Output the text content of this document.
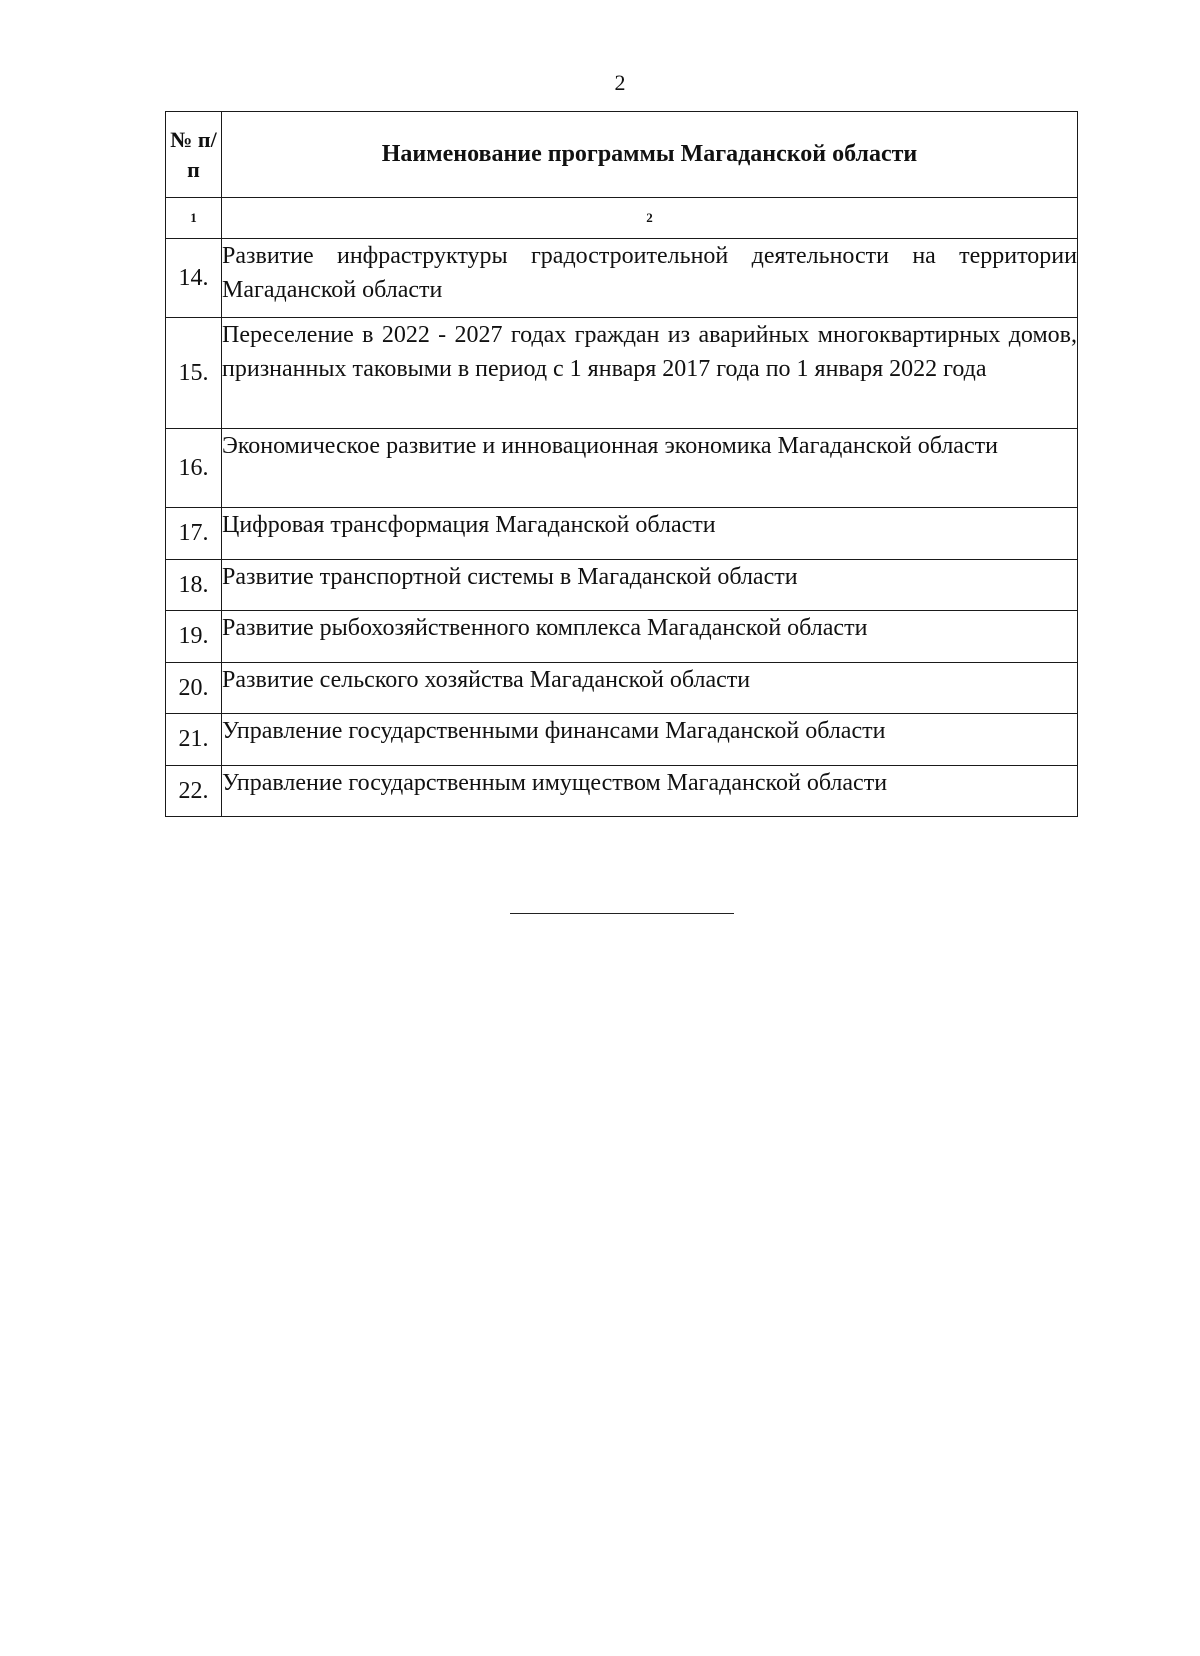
2
№ п/п	Наименование программы Магаданской области
1	2
14.	Развитие инфраструктуры градостроительной деятельности на территории Магаданской области
15.	Переселение в 2022 - 2027 годах граждан из аварийных многоквартирных домов, признанных таковыми в период с 1 января 2017 года по 1 января 2022 года
16.	Экономическое развитие и инновационная экономика Магаданской области
17.	Цифровая трансформация Магаданской области
18.	Развитие транспортной системы в Магаданской области
19.	Развитие рыбохозяйственного комплекса Магаданской области
20.	Развитие сельского хозяйства Магаданской области
21.	Управление государственными финансами Магаданской области
22.	Управление государственным имуществом Магаданской области
